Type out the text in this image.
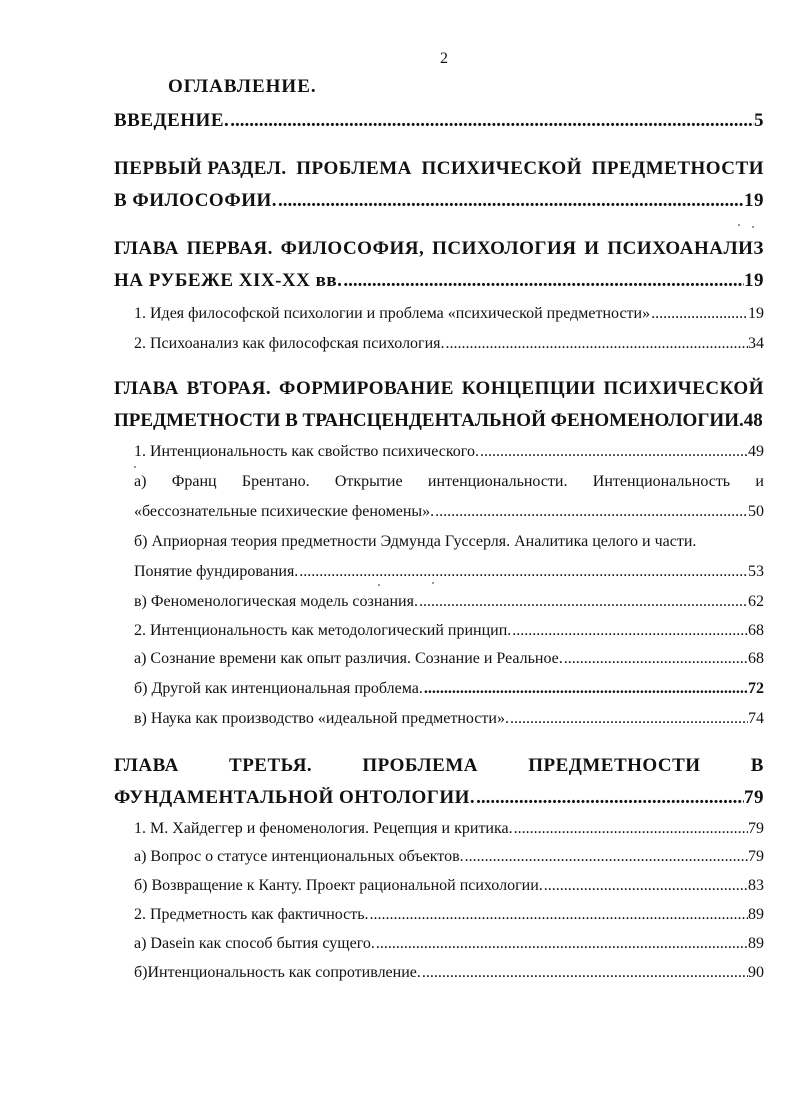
2
ОГЛАВЛЕНИЕ.
ВВЕДЕНИЕ. .....	5
ПЕРВЫЙ РАЗДЕЛ. ПРОБЛЕМА ПСИХИЧЕСКОЙ ПРЕДМЕТНОСТИ
В ФИЛОСОФИИ. .....	19
ГЛАВА ПЕРВАЯ. ФИЛОСОФИЯ, ПСИХОЛОГИЯ И ПСИХОАНАЛИЗ
НА РУБЕЖЕ XIX-XX вв. .....	19
1. Идея философской психологии и проблема «психической предметности» .....	19
2. Психоанализ как философская психология. .....	34
ГЛАВА ВТОРАЯ. ФОРМИРОВАНИЕ КОНЦЕПЦИИ ПСИХИЧЕСКОЙ
ПРЕДМЕТНОСТИ В ТРАНСЦЕНДЕНТАЛЬНОЙ ФЕНОМЕНОЛОГИИ.48
1. Интенциональность как свойство психического. .....	49
а) Франц Брентано. Открытие интенциональности. Интенциональность и
«бессознательные психические феномены». .....	50
б) Априорная теория предметности Эдмунда Гуссерля. Аналитика целого и части.
Понятие фундирования. .....	53
в) Феноменологическая модель сознания. .....	62
2. Интенциональность как методологический принцип. .....	68
а) Сознание времени как опыт различия. Сознание и Реальное. .....	68
б) Другой как интенциональная проблема. .....	72
в) Наука как производство «идеальной предметности». .....	74
ГЛАВА	ТРЕТЬЯ.	ПРОБЛЕМА	ПРЕДМЕТНОСТИ	В
ФУНДАМЕНТАЛЬНОЙ ОНТОЛОГИИ. .....	79
1. М. Хайдеггер и феноменология. Рецепция и критика. .....	79
а) Вопрос о статусе интенциональных объектов. .....	79
б) Возвращение к Канту. Проект рациональной психологии. .....	83
2. Предметность как фактичность. .....	89
а) Dasein как способ бытия сущего. .....	89
б)Интенциональность как сопротивление. .....	90
